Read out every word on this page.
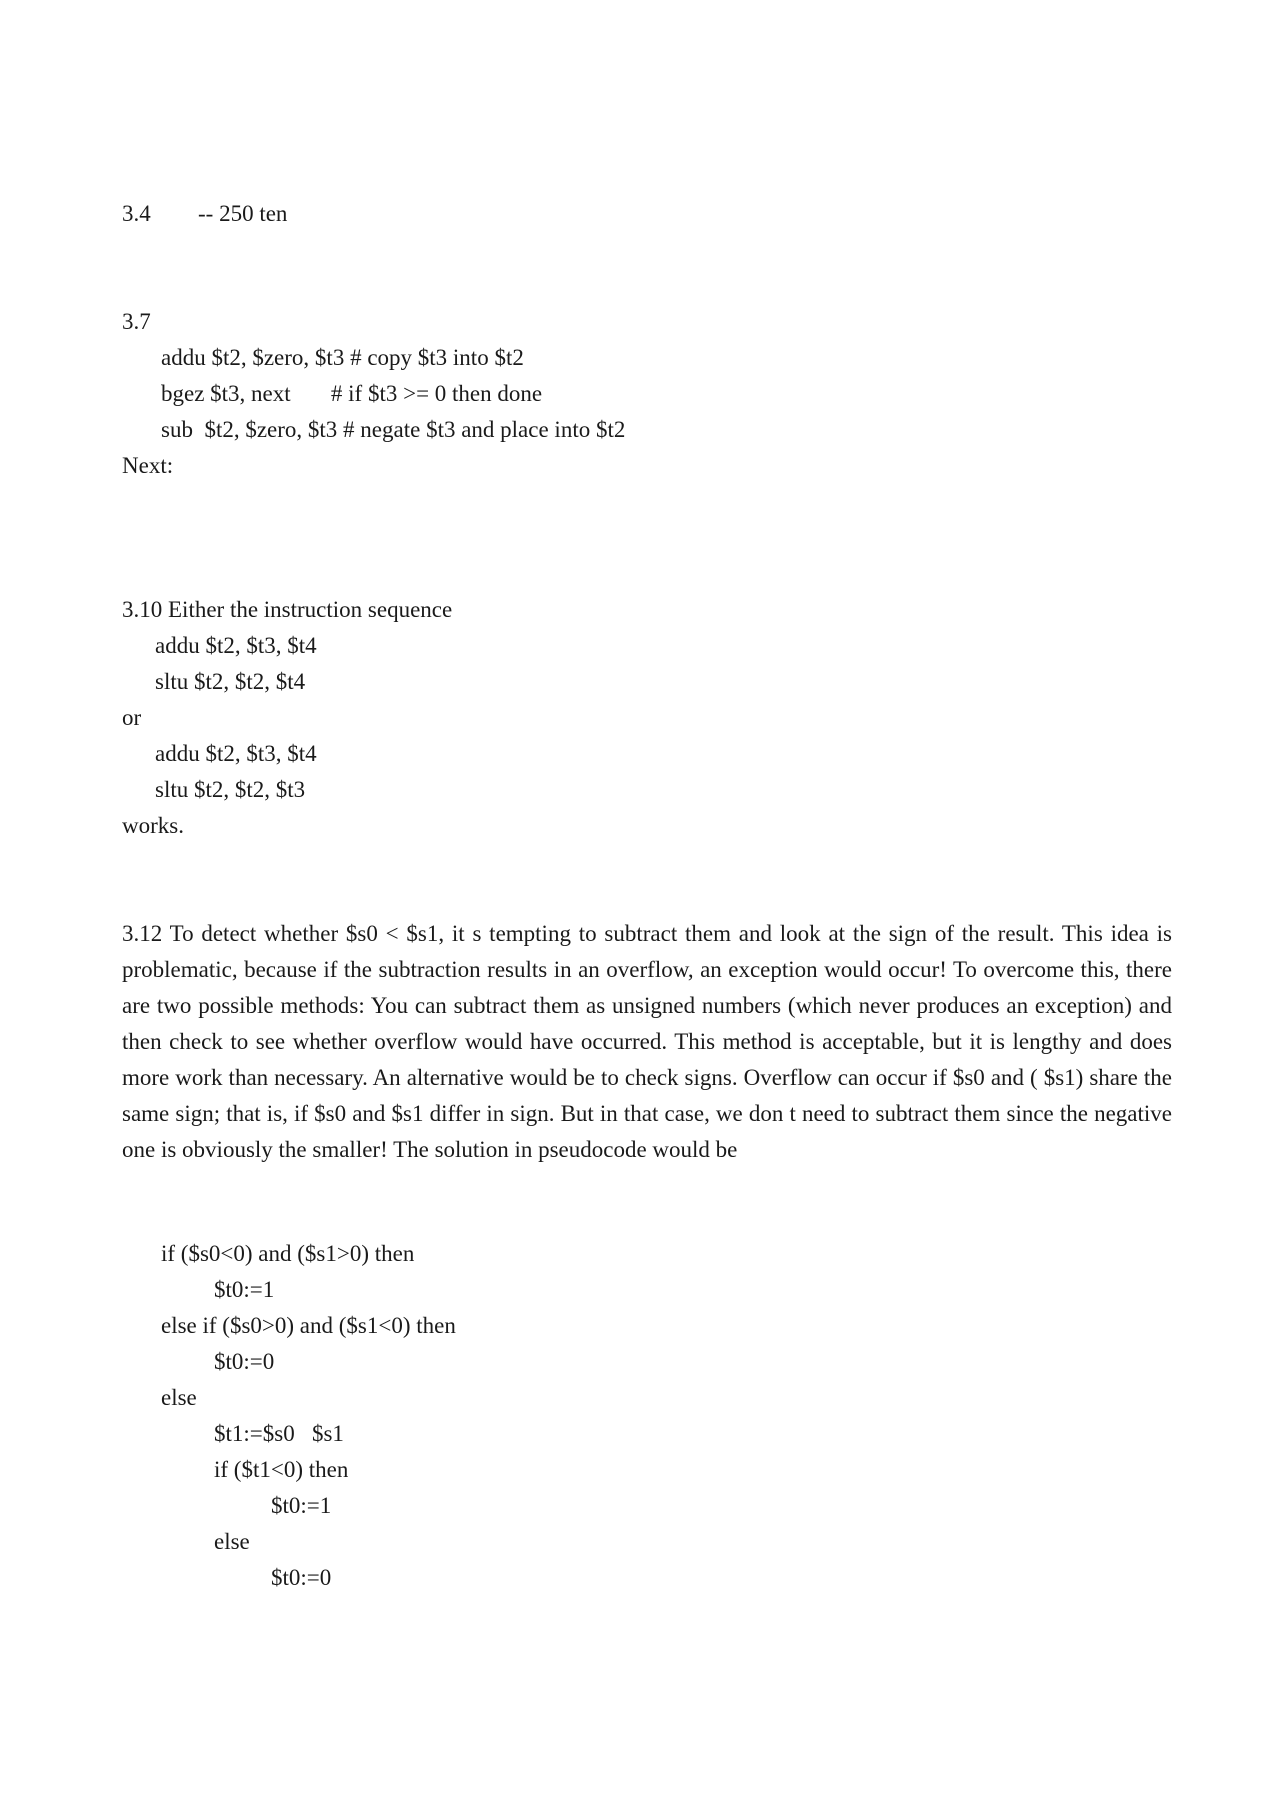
3.4 -- 250 ten
3.7
addu $t2, $zero, $t3 # copy $t3 into $t2
bgez $t3, next       # if $t3 >= 0 then done
sub  $t2, $zero, $t3 # negate $t3 and place into $t2
Next:
3.10 Either the instruction sequence
addu $t2, $t3, $t4
sltu $t2, $t2, $t4
or
addu $t2, $t3, $t4
sltu $t2, $t2, $t3
works.
3.12 To detect whether $s0 < $s1, it s tempting to subtract them and look at the sign of the result. This idea is problematic, because if the subtraction results in an overflow, an exception would occur! To overcome this, there are two possible methods: You can subtract them as unsigned numbers (which never produces an exception) and then check to see whether overflow would have occurred. This method is acceptable, but it is lengthy and does more work than necessary. An alternative would be to check signs. Overflow can occur if $s0 and ( $s1) share the same sign; that is, if $s0 and $s1 differ in sign. But in that case, we don t need to subtract them since the negative one is obviously the smaller! The solution in pseudocode would be
if ($s0<0) and ($s1>0) then
$t0:=1
else if ($s0>0) and ($s1<0) then
$t0:=0
else
$t1:=$s0   $s1
if ($t1<0) then
$t0:=1
else
$t0:=0
